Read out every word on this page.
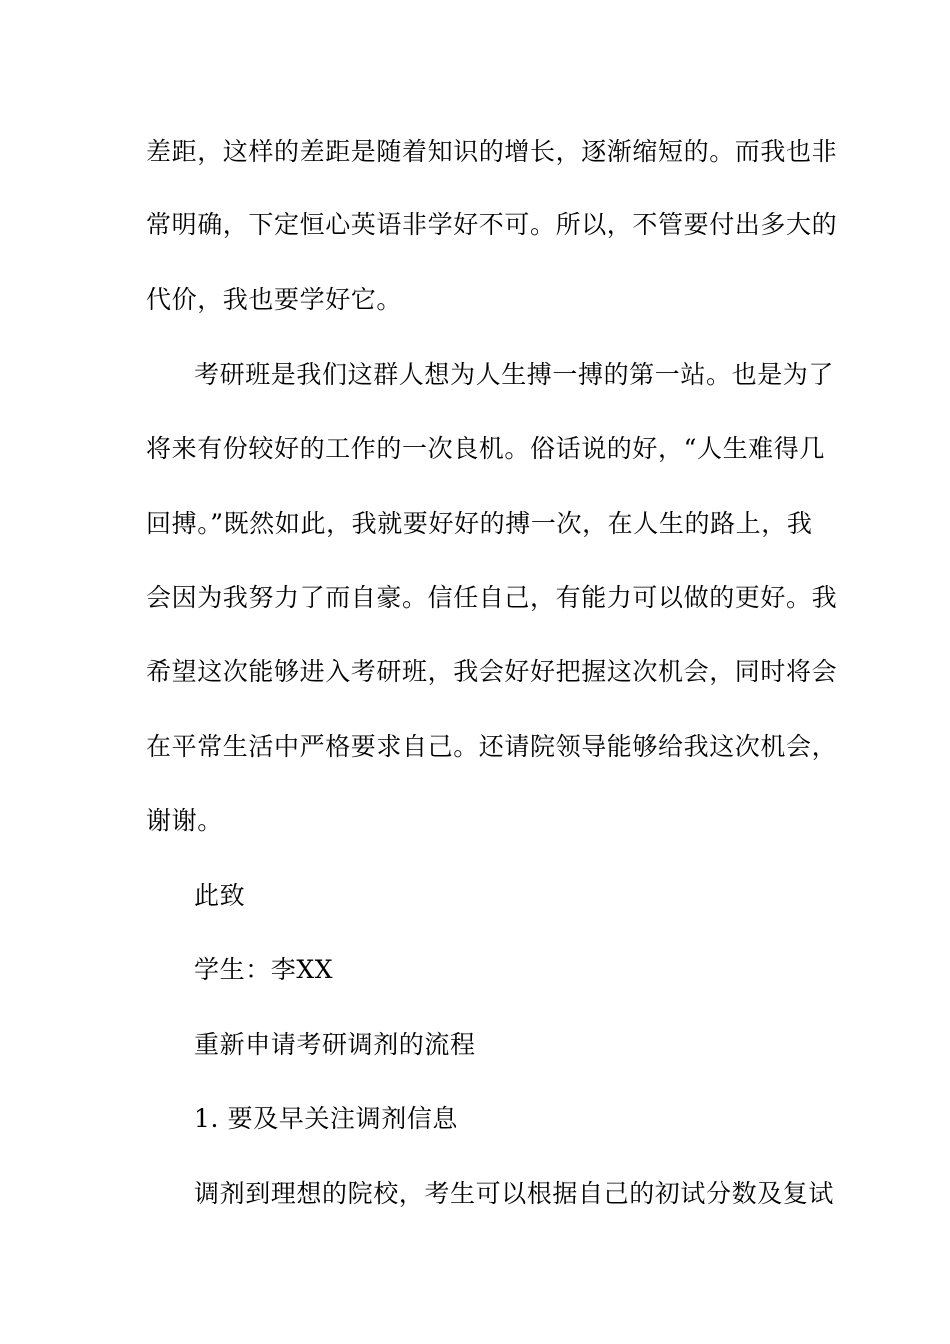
差距，这样的差距是随着知识的增长，逐渐缩短的。而我也非
常明确，下定恒心英语非学好不可。所以，不管要付出多大的
代价，我也要学好它。
考研班是我们这群人想为人生搏一搏的第一站。也是为了
将来有份较好的工作的一次良机。俗话说的好，“人生难得几
回搏。”既然如此，我就要好好的搏一次，在人生的路上，我
会因为我努力了而自豪。信任自己，有能力可以做的更好。我
希望这次能够进入考研班，我会好好把握这次机会，同时将会
在平常生活中严格要求自己。还请院领导能够给我这次机会，
谢谢。
此致
学生：李XX
重新申请考研调剂的流程
1. 要及早关注调剂信息
调剂到理想的院校，考生可以根据自己的初试分数及复试
